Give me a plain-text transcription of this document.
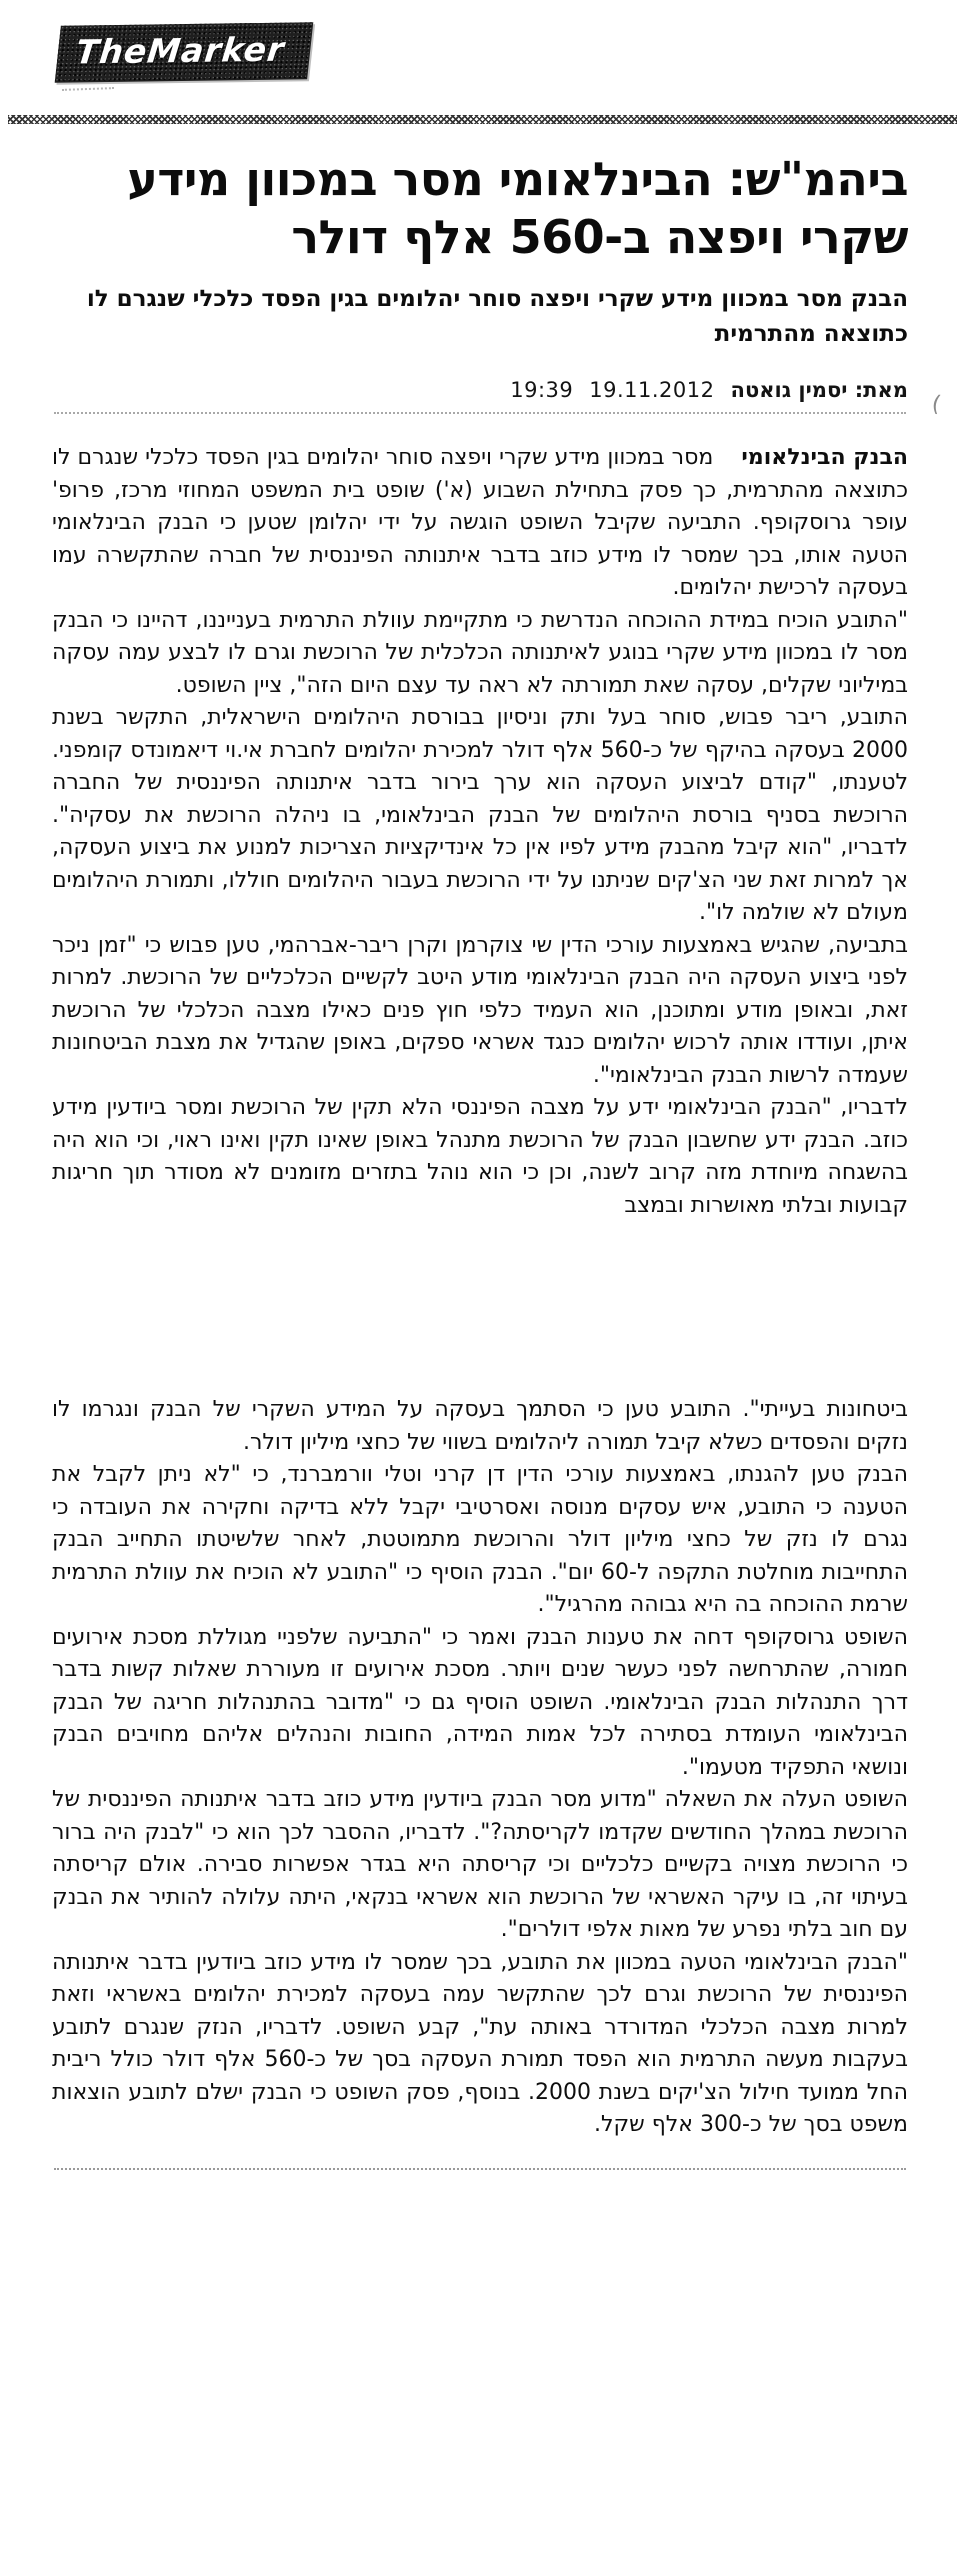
(
TheMarker
ביהמ"ש: הבינלאומי מסר במכוון מידע שקרי ויפצה ב-560 אלף דולר
הבנק מסר במכוון מידע שקרי ויפצה סוחר יהלומים בגין הפסד כלכלי שנגרם לו כתוצאה מהתרמית
מאת: יסמין גואטה
19.11.2012
19:39

הבנק הבינלאומימסר במכוון מידע שקרי ויפצה סוחר יהלומים בגין הפסד כלכלי שנגרם לו כתוצאה מהתרמית, כך פסק בתחילת השבוע (א') שופט בית המשפט המחוזי מרכז, פרופ' עופר גרוסקופף. התביעה שקיבל השופט הוגשה על ידי יהלומן שטען כי הבנק הבינלאומי הטעה אותו, בכך שמסר לו מידע כוזב בדבר איתנותה הפיננסית של חברה שהתקשרה עמו בעסקה לרכישת יהלומים.

"התובע הוכיח במידת ההוכחה הנדרשת כי מתקיימת עוולת התרמית בענייננו, דהיינו כי הבנק מסר לו במכוון מידע שקרי בנוגע לאיתנותה הכלכלית של הרוכשת וגרם לו לבצע עמה עסקה במיליוני שקלים, עסקה שאת תמורתה לא ראה עד עצם היום הזה", ציין השופט.

התובע, ריבר פבוש, סוחר בעל ותק וניסיון בבורסת היהלומים הישראלית, התקשר בשנת 2000 בעסקה בהיקף של כ-560 אלף דולר למכירת יהלומים לחברת אי.וי דיאמונדס קומפני. לטענתו, "קודם לביצוע העסקה הוא ערך בירור בדבר איתנותה הפיננסית של החברה הרוכשת בסניף בורסת היהלומים של הבנק הבינלאומי, בו ניהלה הרוכשת את עסקיה". לדבריו, "הוא קיבל מהבנק מידע לפיו אין כל אינדיקציות הצריכות למנוע את ביצוע העסקה, אך למרות זאת שני הצ'קים שניתנו על ידי הרוכשת בעבור היהלומים חוללו, ותמורת היהלומים מעולם לא שולמה לו".

בתביעה, שהגיש באמצעות עורכי הדין שי צוקרמן וקרן ריבר-אברהמי, טען פבוש כי "זמן ניכר לפני ביצוע העסקה היה הבנק הבינלאומי מודע היטב לקשיים הכלכליים של הרוכשת. למרות זאת, ובאופן מודע ומתוכנן, הוא העמיד כלפי חוץ פנים כאילו מצבה הכלכלי של הרוכשת איתן, ועודדו אותה לרכוש יהלומים כנגד אשראי ספקים, באופן שהגדיל את מצבת הביטחונות שעמדה לרשות הבנק הבינלאומי".

לדבריו, "הבנק הבינלאומי ידע על מצבה הפיננסי הלא תקין של הרוכשת ומסר ביודעין מידע כוזב. הבנק ידע שחשבון הבנק של הרוכשת מתנהל באופן שאינו תקין ואינו ראוי, וכי הוא היה בהשגחה מיוחדת מזה קרוב לשנה, וכן כי הוא נוהל בתזרים מזומנים לא מסודר תוך חריגות קבועות ובלתי מאושרות ובמצב

ביטחונות בעייתי". התובע טען כי הסתמך בעסקה על המידע השקרי של הבנק ונגרמו לו נזקים והפסדים כשלא קיבל תמורה ליהלומים בשווי של כחצי מיליון דולר.

הבנק טען להגנתו, באמצעות עורכי הדין דן קרני וטלי וורמברנד, כי "לא ניתן לקבל את הטענה כי התובע, איש עסקים מנוסה ואסרטיבי יקבל ללא בדיקה וחקירה את העובדה כי נגרם לו נזק של כחצי מיליון דולר והרוכשת מתמוטטת, לאחר שלשיטתו התחייב הבנק התחייבות מוחלטת התקפה ל-60 יום". הבנק הוסיף כי "התובע לא הוכיח את עוולת התרמית שרמת ההוכחה בה היא גבוהה מהרגיל".

השופט גרוסקופף דחה את טענות הבנק ואמר כי "התביעה שלפניי מגוללת מסכת אירועים חמורה, שהתרחשה לפני כעשר שנים ויותר. מסכת אירועים זו מעוררת שאלות קשות בדבר דרך התנהלות הבנק הבינלאומי. השופט הוסיף גם כי "מדובר בהתנהלות חריגה של הבנק הבינלאומי העומדת בסתירה לכל אמות המידה, החובות והנהלים אליהם מחויבים הבנק ונושאי התפקיד מטעמו".

השופט העלה את השאלה "מדוע מסר הבנק ביודעין מידע כוזב בדבר איתנותה הפיננסית של הרוכשת במהלך החודשים שקדמו לקריסתה?". לדבריו, ההסבר לכך הוא כי "לבנק היה ברור כי הרוכשת מצויה בקשיים כלכליים וכי קריסתה היא בגדר אפשרות סבירה. אולם קריסתה בעיתוי זה, בו עיקר האשראי של הרוכשת הוא אשראי בנקאי, היתה עלולה להותיר את הבנק עם חוב בלתי נפרע של מאות אלפי דולרים".

"הבנק הבינלאומי הטעה במכוון את התובע, בכך שמסר לו מידע כוזב ביודעין בדבר איתנותה הפיננסית של הרוכשת וגרם לכך שהתקשר עמה בעסקה למכירת יהלומים באשראי וזאת למרות מצבה הכלכלי המדורדר באותה עת", קבע השופט. לדבריו, הנזק שנגרם לתובע בעקבות מעשה התרמית הוא הפסד תמורת העסקה בסך של כ-560 אלף דולר כולל ריבית החל ממועד חילול הצ'יקים בשנת 2000. בנוסף, פסק השופט כי הבנק ישלם לתובע הוצאות משפט בסך של כ-300 אלף שקל.
